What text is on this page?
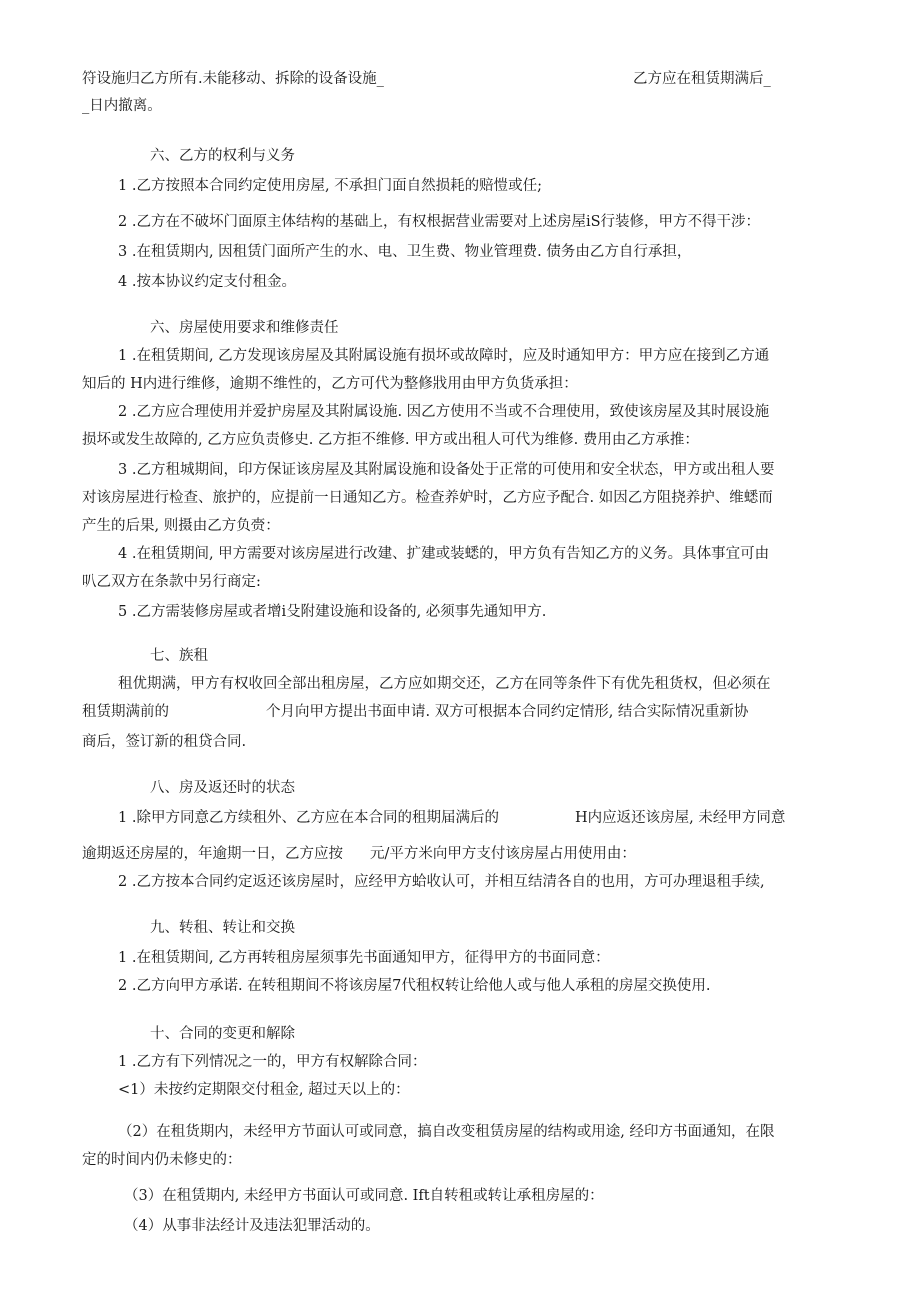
符设施归乙方所有.未能移动、拆除的设备设施_	乙方应在租赁期满后_
_日内撤离。
六、乙方的权利与义务
1 .乙方按照本合同约定使用房屋, 不承担门面自然损耗的赔愷或任;
2 .乙方在不破坏门面原主体结构的基础上，有权根据营业需要对上述房屋iS行装修，甲方不得干涉：
3 .在租赁期内, 因租赁门面所产生的水、电、卫生费、物业管理费. 债务由乙方自行承担，
4 .按本协议约定支付租金。
六、房屋使用要求和维修责任
1 .在租赁期间, 乙方发现该房屋及其附属设施有损坏或故障时，应及时通知甲方：甲方应在接到乙方通
知后的 H内进行维修，逾期不维性的，乙方可代为整修戕用由甲方负货承担：
2 .乙方应合理使用并爱护房屋及其附属设施. 因乙方使用不当或不合理使用，致使该房屋及其时展设施
损坏或发生故障的, 乙方应负责修史. 乙方拒不维修. 甲方或出租人可代为维修. 费用由乙方承推：
3 .乙方租城期间，印方保证该房屋及其附属设施和设备处于正常的可使用和安全状态，甲方或出租人要
对该房屋进行检查、旅护的，应提前一日通知乙方。检查养妒时，乙方应予配合. 如因乙方阻挠养护、维蟋而
产生的后果, 则摄由乙方负赍：
4 .在租赁期间, 甲方需要对该房屋进行改建、扩建或装蟋的，甲方负有告知乙方的义务。具体事宜可由
叭乙双方在条款中另行商定:
5 .乙方需装修房屋或者增i殳附建设施和设备的, 必须事先通知甲方.
七、族租
租优期满，甲方有权收回全部出租房屋，乙方应如期交还，乙方在同等条件下有优先租货权，但必须在
租赁期满前的	个月向甲方提出书面申请. 双方可根据本合同约定情形, 结合实际情况重新协
商后，签订新的租贷合同.
八、房及返还时的状态
1 .除甲方同意乙方续租外、乙方应在本合同的租期届满后的	H内应返还该房屋, 未经甲方同意
逾期返还房屋的，年逾期一日，乙方应按 元/平方米向甲方支付该房屋占用使用由：
2 .乙方按本合同约定返还该房屋时，应经甲方蛤收认可，并相互结清各自的也用，方可办理退租手续,
九、转租、转让和交换
1 .在租赁期间, 乙方再转租房屋须事先书面通知甲方，征得甲方的书面同意：
2 .乙方向甲方承诺. 在转租期间不将该房屋7代租权转让给他人或与他人承租的房屋交换使用.
十、合同的变更和解除
1 .乙方有下列情况之一的，甲方有权解除合同：
<1）未按约定期限交付租金, 超过天以上的：
（2）在租货期内，未经甲方节面认可或同意，搞自改变租赁房屋的结构或用途, 经印方书面通知，在限
定的时间内仍未修史的：
（3）在租赁期内, 未经甲方书面认可或同意. Ift自转租或转让承租房屋的：
（4）从事非法经计及违法犯罪活动的。
